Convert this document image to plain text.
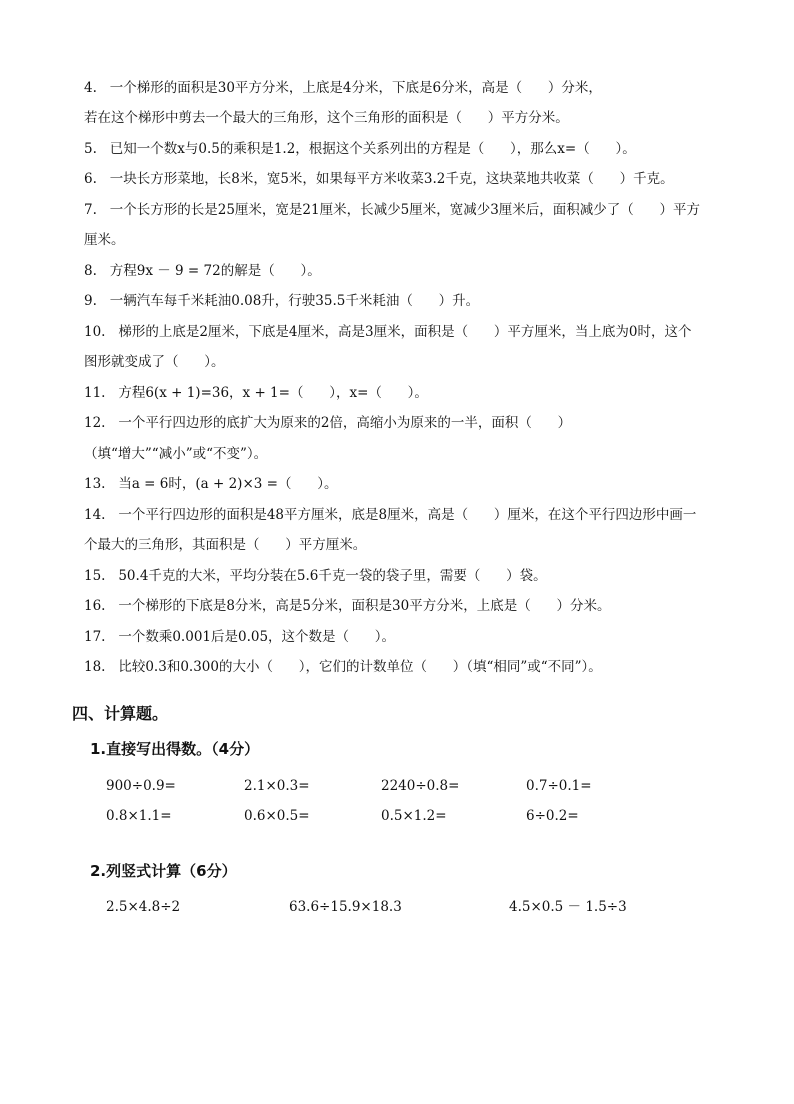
4.   一个梯形的面积是30平方分米，上底是4分米，下底是6分米，高是（      ）分米，
若在这个梯形中剪去一个最大的三角形，这个三角形的面积是（      ）平方分米。
5.   已知一个数x与0.5的乘积是1.2，根据这个关系列出的方程是（      ），那么x=（      ）。
6.   一块长方形菜地，长8米，宽5米，如果每平方米收菜3.2千克，这块菜地共收菜（      ）千克。
7.   一个长方形的长是25厘米，宽是21厘米，长减少5厘米，宽减少3厘米后，面积减少了（      ）平方
厘米。
8.   方程9x － 9 = 72的解是（      ）。
9.   一辆汽车每千米耗油0.08升，行驶35.5千米耗油（      ）升。
10.   梯形的上底是2厘米，下底是4厘米，高是3厘米，面积是（      ）平方厘米，当上底为0时，这个
图形就变成了（      ）。
11.   方程6(x + 1)=36，x + 1=（      ），x=（      ）。
12.   一个平行四边形的底扩大为原来的2倍，高缩小为原来的一半，面积（      ）
（填“增大”“减小”或“不变”）。
13.   当a = 6时，(a + 2)×3 =（      ）。
14.   一个平行四边形的面积是48平方厘米，底是8厘米，高是（      ）厘米，在这个平行四边形中画一
个最大的三角形，其面积是（      ）平方厘米。
15.   50.4千克的大米，平均分装在5.6千克一袋的袋子里，需要（      ）袋。
16.   一个梯形的下底是8分米，高是5分米，面积是30平方分米，上底是（      ）分米。
17.   一个数乘0.001后是0.05，这个数是（      ）。
18.   比较0.3和0.300的大小（      ），它们的计数单位（      ）（填“相同”或“不同”）。
四、计算题。
1.直接写出得数。（4分）
900÷0.9=	2.1×0.3=	2240÷0.8=	0.7÷0.1=
0.8×1.1=	0.6×0.5=	0.5×1.2=	6÷0.2=
2.列竖式计算（6分）
2.5×4.8÷2	63.6÷15.9×18.3	4.5×0.5 － 1.5÷3
